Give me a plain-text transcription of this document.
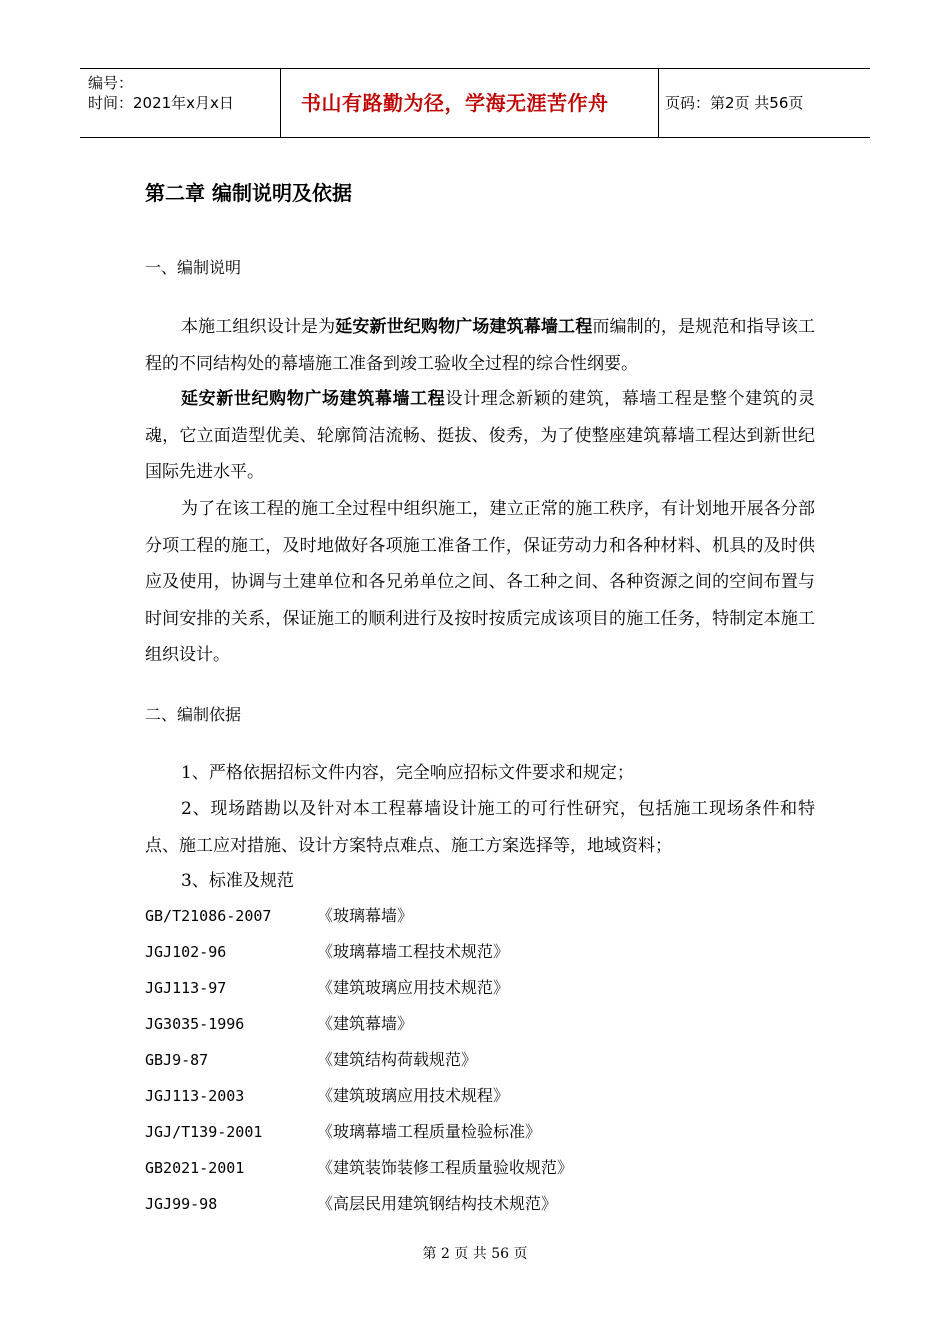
编号：
时间：2021年x月x日	书山有路勤为径，学海无涯苦作舟	页码：第2页 共56页
第二章 编制说明及依据
一、编制说明
本施工组织设计是为延安新世纪购物广场建筑幕墙工程而编制的，是规范和指导该工程的不同结构处的幕墙施工准备到竣工验收全过程的综合性纲要。
延安新世纪购物广场建筑幕墙工程设计理念新颖的建筑，幕墙工程是整个建筑的灵魂，它立面造型优美、轮廓简洁流畅、挺拔、俊秀，为了使整座建筑幕墙工程达到新世纪国际先进水平。
为了在该工程的施工全过程中组织施工，建立正常的施工秩序，有计划地开展各分部分项工程的施工，及时地做好各项施工准备工作，保证劳动力和各种材料、机具的及时供应及使用，协调与土建单位和各兄弟单位之间、各工种之间、各种资源之间的空间布置与时间安排的关系，保证施工的顺利进行及按时按质完成该项目的施工任务，特制定本施工组织设计。
二、编制依据
1、严格依据招标文件内容，完全响应招标文件要求和规定；
2、现场踏勘以及针对本工程幕墙设计施工的可行性研究，包括施工现场条件和特点、施工应对措施、设计方案特点难点、施工方案选择等，地域资料；
3、标准及规范
GB/T21086-2007	《玻璃幕墙》
JGJ102-96	《玻璃幕墙工程技术规范》
JGJ113-97	《建筑玻璃应用技术规范》
JG3035-1996	《建筑幕墙》
GBJ9-87	《建筑结构荷载规范》
JGJ113-2003	《建筑玻璃应用技术规程》
JGJ/T139-2001	《玻璃幕墙工程质量检验标准》
GB2021-2001	《建筑装饰装修工程质量验收规范》
JGJ99-98	《高层民用建筑钢结构技术规范》
第 2 页 共 56 页
